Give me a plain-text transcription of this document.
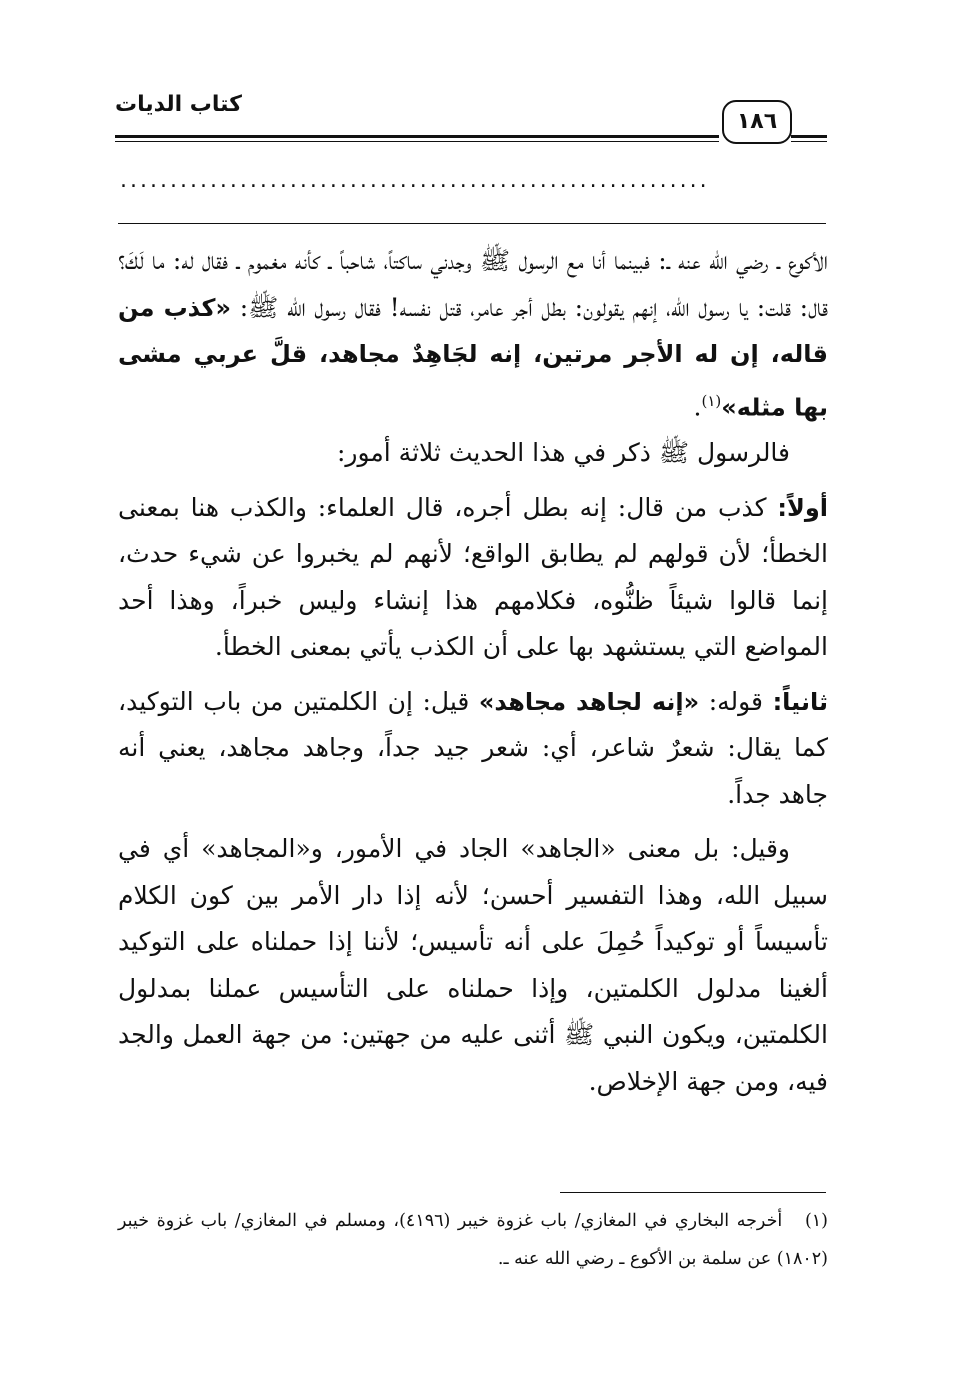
كتاب الديات
١٨٦
...........................................................

الأكوع ـ رضي الله عنه ـ: فبينما أنا مع الرسول ﷺ وجدني ساكتاً، شاحباً ـ كأنه مغموم ـ فقال له: ما لَكَ؟ قال: قلت: يا رسول الله، إنهم يقولون: بطل أجر عامر، قتل نفسه! فقال رسول الله ﷺ: «كذب من قاله، إن له الأجر مرتين، إنه لجَاهِدٌ مجاهد، قلَّ عربي مشى بها مثله»$^{(١)}$.

فالرسول ﷺ ذكر في هذا الحديث ثلاثة أمور:

أولاً: كذب من قال: إنه بطل أجره، قال العلماء: والكذب هنا بمعنى الخطأ؛ لأن قولهم لم يطابق الواقع؛ لأنهم لم يخبروا عن شيء حدث، إنما قالوا شيئاً ظنُّوه، فكلامهم هذا إنشاء وليس خبراً، وهذا أحد المواضع التي يستشهد بها على أن الكذب يأتي بمعنى الخطأ.

ثانياً: قوله: «إنه لجاهد مجاهد» قيل: إن الكلمتين من باب التوكيد، كما يقال: شعرٌ شاعر، أي: شعر جيد جداً، وجاهد مجاهد، يعني أنه جاهد جداً.

وقيل: بل معنى «الجاهد» الجاد في الأمور، و«المجاهد» أي في سبيل الله، وهذا التفسير أحسن؛ لأنه إذا دار الأمر بين كون الكلام تأسيساً أو توكيداً حُمِلَ على أنه تأسيس؛ لأننا إذا حملناه على التوكيد ألغينا مدلول الكلمتين، وإذا حملناه على التأسيس عملنا بمدلول الكلمتين، ويكون النبي ﷺ أثنى عليه من جهتين: من جهة العمل والجد فيه، ومن جهة الإخلاص.

(١)   أخرجه البخاري في المغازي/ باب غزوة خيبر (٤١٩٦)، ومسلم في المغازي/ باب غزوة خيبر (١٨٠٢) عن سلمة بن الأكوع ـ رضي الله عنه ـ.
